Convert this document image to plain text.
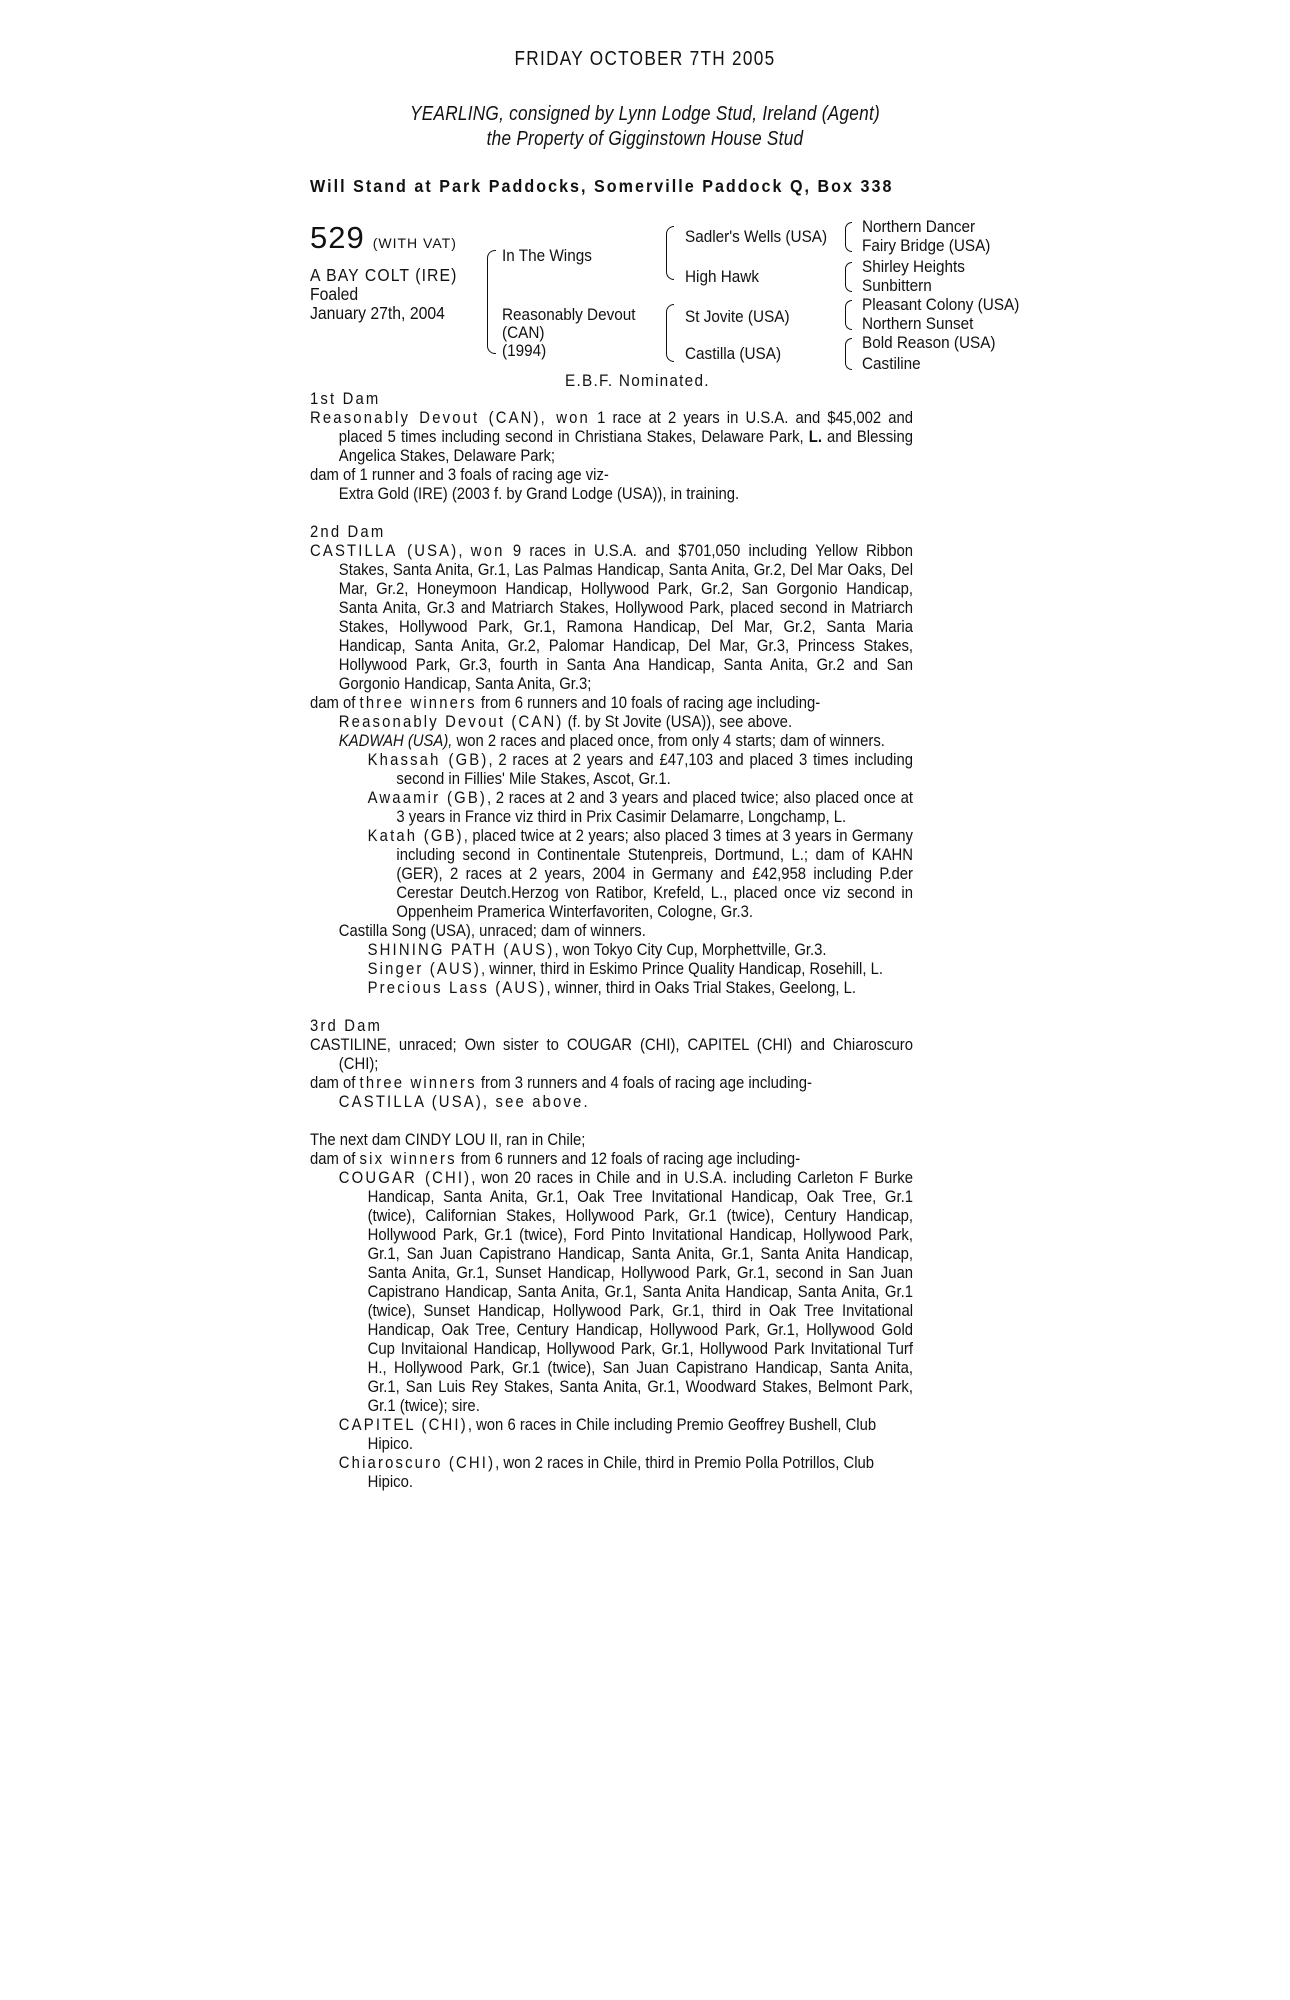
FRIDAY OCTOBER 7TH 2005
YEARLING, consigned by Lynn Lodge Stud, Ireland (Agent)
the Property of Gigginstown House Stud
Will Stand at Park Paddocks, Somerville Paddock Q, Box 338
529 (WITH VAT)
A BAY COLT (IRE)
Foaled
January 27th, 2004
In The Wings
Reasonably Devout
(CAN)
(1994)
Sadler's Wells (USA)
High Hawk
St Jovite (USA)
Castilla (USA)
Northern Dancer
Fairy Bridge (USA)
Shirley Heights
Sunbittern
Pleasant Colony (USA)
Northern Sunset
Bold Reason (USA)
Castiline
E.B.F. Nominated.

1st Dam

Reasonably Devout (CAN), won 1 race at 2 years in U.S.A. and $45,002 and placed 5 times including second in Christiana Stakes, Delaware Park, L. and Blessing Angelica Stakes, Delaware Park;

dam of 1 runner and 3 foals of racing age viz-

Extra Gold (IRE) (2003 f. by Grand Lodge (USA)), in training.

2nd Dam

CASTILLA (USA), won 9 races in U.S.A. and $701,050 including Yellow Ribbon Stakes, Santa Anita, Gr.1, Las Palmas Handicap, Santa Anita, Gr.2, Del Mar Oaks, Del Mar, Gr.2, Honeymoon Handicap, Hollywood Park, Gr.2, San Gorgonio Handicap, Santa Anita, Gr.3 and Matriarch Stakes, Hollywood Park, placed second in Matriarch Stakes, Hollywood Park, Gr.1, Ramona Handicap, Del Mar, Gr.2, Santa Maria Handicap, Santa Anita, Gr.2, Palomar Handicap, Del Mar, Gr.3, Princess Stakes, Hollywood Park, Gr.3, fourth in Santa Ana Handicap, Santa Anita, Gr.2 and San Gorgonio Handicap, Santa Anita, Gr.3;

dam of three winners from 6 runners and 10 foals of racing age including-

Reasonably Devout (CAN) (f. by St Jovite (USA)), see above.

KADWAH (USA), won 2 races and placed once, from only 4 starts; dam of winners.

Khassah (GB), 2 races at 2 years and £47,103 and placed 3 times including second in Fillies' Mile Stakes, Ascot, Gr.1.

Awaamir (GB), 2 races at 2 and 3 years and placed twice; also placed once at 3 years in France viz third in Prix Casimir Delamarre, Longchamp, L.

Katah (GB), placed twice at 2 years; also placed 3 times at 3 years in Germany including second in Continentale Stutenpreis, Dortmund, L.; dam of KAHN (GER), 2 races at 2 years, 2004 in Germany and £42,958 including P.der Cerestar Deutch.Herzog von Ratibor, Krefeld, L., placed once viz second in Oppenheim Pramerica Winterfavoriten, Cologne, Gr.3.

Castilla Song (USA), unraced; dam of winners.

SHINING PATH (AUS), won Tokyo City Cup, Morphettville, Gr.3.

Singer (AUS), winner, third in Eskimo Prince Quality Handicap, Rosehill, L.

Precious Lass (AUS), winner, third in Oaks Trial Stakes, Geelong, L.

3rd Dam

CASTILINE, unraced; Own sister to COUGAR (CHI), CAPITEL (CHI) and Chiaroscuro (CHI);

dam of three winners from 3 runners and 4 foals of racing age including-

CASTILLA (USA), see above.

The next dam CINDY LOU II, ran in Chile;

dam of six winners from 6 runners and 12 foals of racing age including-

COUGAR (CHI), won 20 races in Chile and in U.S.A. including Carleton F Burke Handicap, Santa Anita, Gr.1, Oak Tree Invitational Handicap, Oak Tree, Gr.1 (twice), Californian Stakes, Hollywood Park, Gr.1 (twice), Century Handicap, Hollywood Park, Gr.1 (twice), Ford Pinto Invitational Handicap, Hollywood Park, Gr.1, San Juan Capistrano Handicap, Santa Anita, Gr.1, Santa Anita Handicap, Santa Anita, Gr.1, Sunset Handicap, Hollywood Park, Gr.1, second in San Juan Capistrano Handicap, Santa Anita, Gr.1, Santa Anita Handicap, Santa Anita, Gr.1 (twice), Sunset Handicap, Hollywood Park, Gr.1, third in Oak Tree Invitational Handicap, Oak Tree, Century Handicap, Hollywood Park, Gr.1, Hollywood Gold Cup Invitaional Handicap, Hollywood Park, Gr.1, Hollywood Park Invitational Turf H., Hollywood Park, Gr.1 (twice), San Juan Capistrano Handicap, Santa Anita, Gr.1, San Luis Rey Stakes, Santa Anita, Gr.1, Woodward Stakes, Belmont Park, Gr.1 (twice); sire.

CAPITEL (CHI), won 6 races in Chile including Premio Geoffrey Bushell, Club Hipico.

Chiaroscuro (CHI), won 2 races in Chile, third in Premio Polla Potrillos, Club Hipico.
